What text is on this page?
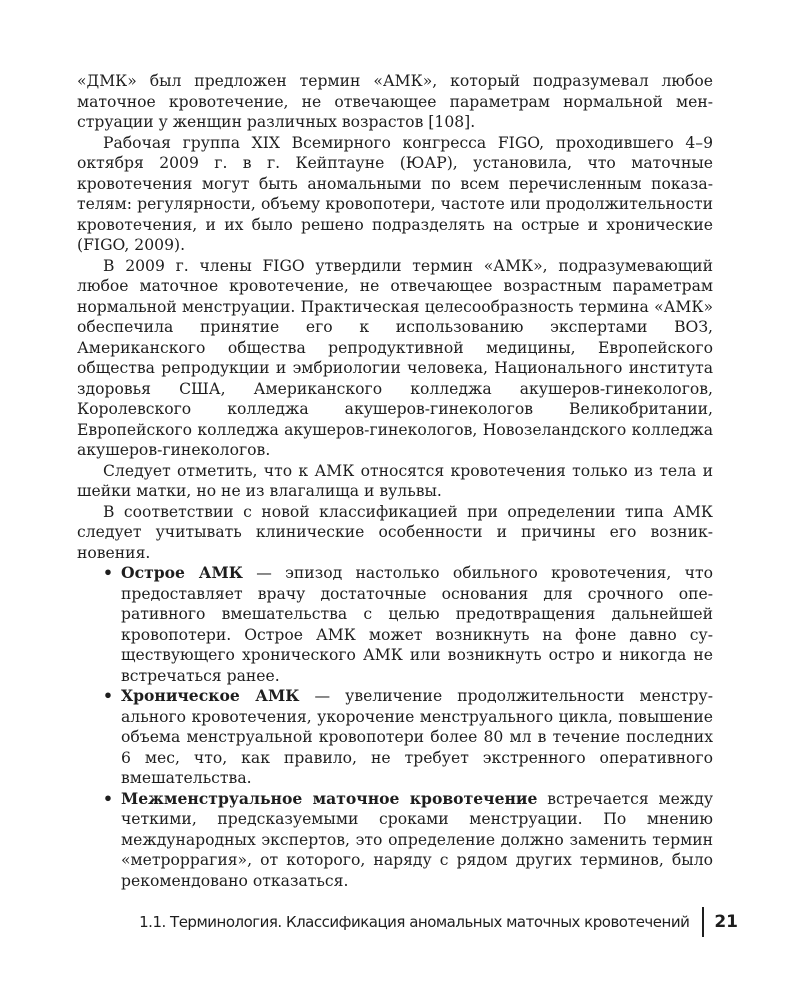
«ДМК» был предложен термин «АМК», который подразумевал любое маточное кровотечение, не отвечающее параметрам нормальной менструации у женщин различных возрастов [108].

Рабочая группа XIX Всемирного конгресса FIGO, проходившего 4–9 октября 2009 г. в г. Кейптауне (ЮАР), установила, что маточные кровотечения могут быть аномальными по всем перечисленным показателям: регулярности, объему кровопотери, частоте или продолжительности кровотечения, и их было решено подразделять на острые и хронические (FIGO, 2009).

В 2009 г. члены FIGO утвердили термин «АМК», подразумевающий любое маточное кровотечение, не отвечающее возрастным параметрам нормальной менструации. Практическая целесообразность термина «АМК» обеспечила принятие его к использованию экспертами ВОЗ, Американского общества репродуктивной медицины, Европейского общества репродукции и эмбриологии человека, Национального института здоровья США, Американского колледжа акушеров-гинекологов, Королевского колледжа акушеров-гинекологов Великобритании, Европейского колледжа акушеров-гинекологов, Новозеландского колледжа акушеров-гинекологов.

Следует отметить, что к АМК относятся кровотечения только из тела и шейки матки, но не из влагалища и вульвы.

В соответствии с новой классификацией при определении типа АМК следует учитывать клинические особенности и причины его возникновения.

• Острое АМК — эпизод настолько обильного кровотечения, что предоставляет врачу достаточные основания для срочного оперативного вмешательства с целью предотвращения дальнейшей кровопотери. Острое АМК может возникнуть на фоне давно существующего хронического АМК или возникнуть остро и никогда не встречаться ранее.
• Хроническое АМК — увеличение продолжительности менструального кровотечения, укорочение менструального цикла, повышение объема менструальной кровопотери более 80 мл в течение последних 6 мес, что, как правило, не требует экстренного оперативного вмешательства.
• Межменструальное маточное кровотечение встречается между четкими, предсказуемыми сроками менструации. По мнению международных экспертов, это определение должно заменить термин «метроррагия», от которого, наряду с рядом других терминов, было рекомендовано отказаться.
1.1. Терминология. Классификация аномальных маточных кровотечений 21
